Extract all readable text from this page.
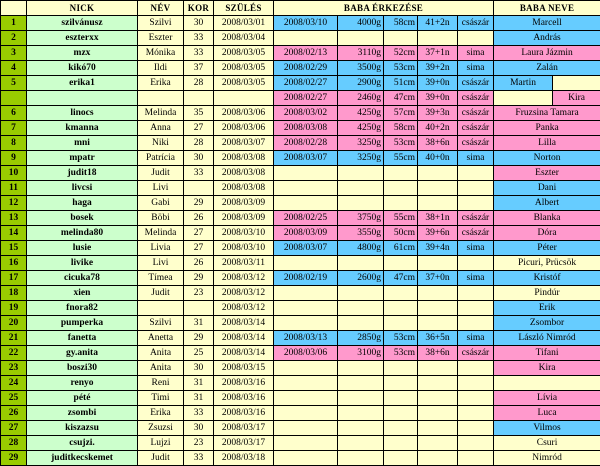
	NICK	NÉV	KOR	SZÜLÉS	BABA ÉRKEZÉSE					BABA NEVE	
1	szilvánusz	Szilvi	30	2008/03/01	2008/03/10	4000g	58cm	41+2n	császár	Marcell	
2	eszterxx	Eszter	33	2008/03/04						András	
3	mzx	Mónika	33	2008/03/05	2008/02/13	3110g	52cm	37+1n	sima	Laura Jázmin	
4	kikó70	Ildi	37	2008/03/05	2008/02/29	3500g	53cm	39+2n	sima	Zalán	
5	erika1	Erika	28	2008/03/05	2008/02/27	2900g	51cm	39+0n	császár	Martin	
					2008/02/27	2460g	47cm	39+0n	császár		Kira
6	linocs	Melinda	35	2008/03/06	2008/03/02	4250g	57cm	39+3n	császár	Fruzsina Tamara	
7	kmanna	Anna	27	2008/03/06	2008/03/08	4250g	58cm	40+2n	császár	Panka	
8	mni	Niki	28	2008/03/07	2008/02/28	3250g	53cm	38+6n	császár	Lilla	
9	mpatr	Patrícia	30	2008/03/08	2008/03/07	3250g	55cm	40+0n	sima	Norton	
10	judit18	Judit	33	2008/03/08						Eszter	
11	livcsi	Livi		2008/03/08						Dani	
12	haga	Gabi	29	2008/03/09						Albert	
13	bosek	Böbi	26	2008/03/09	2008/02/25	3750g	55cm	38+1n	császár	Blanka	
14	melinda80	Melinda	27	2008/03/10	2008/03/09	3550g	50cm	39+6n	császár	Dóra	
15	lusie	Livia	27	2008/03/10	2008/03/07	4800g	61cm	39+4n	sima	Péter	
16	livike	Livi	26	2008/03/11						Picuri, Prücsök	
17	cicuka78	Tímea	29	2008/03/12	2008/02/19	2600g	47cm	37+0n	sima	Kristóf	
18	xien	Judit	23	2008/03/12						Pindúr	
19	fnora82			2008/03/12						Erik	
20	pumperka	Szilvi	31	2008/03/14						Zsombor	
21	fanetta	Anetta	29	2008/03/14	2008/03/13	2850g	53cm	36+5n	sima	László Nimród	
22	gy.anita	Anita	25	2008/03/14	2008/03/06	3100g	53cm	38+6n	császár	Tifani	
23	boszi30	Anita	30	2008/03/15						Kira	
24	renyo	Reni	31	2008/03/16							
25	pété	Timi	31	2008/03/16						Lívia	
26	zsombi	Erika	33	2008/03/16						Luca	
27	kiszazsu	Zsuzsi	30	2008/03/17						Vilmos	
28	csujzi.	Lujzi	23	2008/03/17						Csuri	
29	juditkecskemet	Judit	33	2008/03/18						Nimród	
